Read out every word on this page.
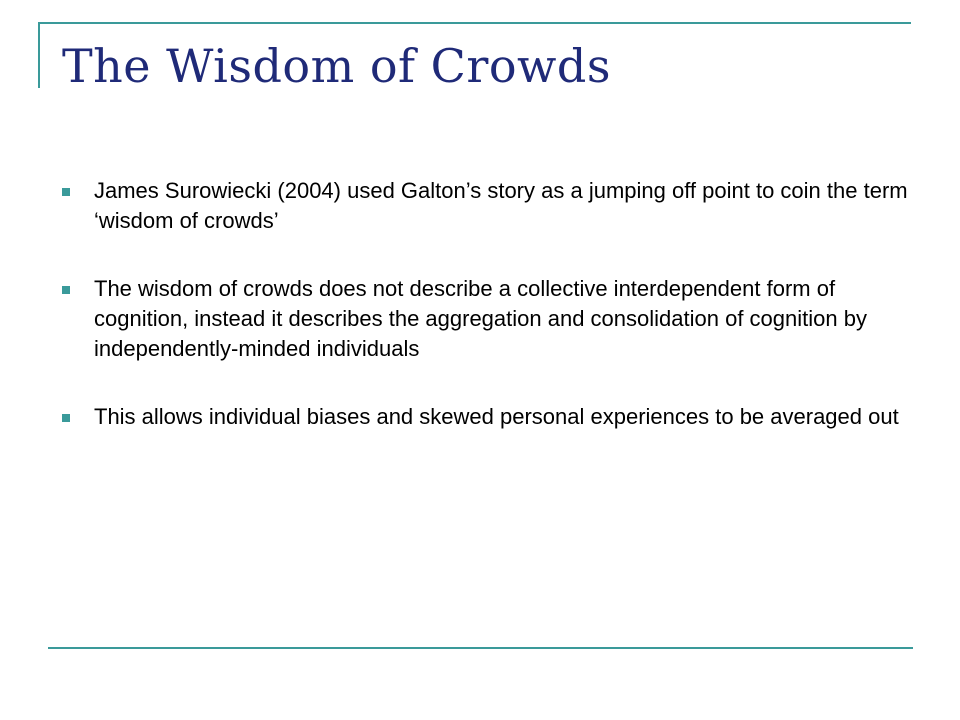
The Wisdom of Crowds
James Surowiecki (2004) used Galton’s story as a jumping off point to coin the term ‘wisdom of crowds’
The wisdom of crowds does not describe a collective interdependent form of cognition, instead it describes the aggregation and consolidation of cognition by independently-minded individuals
This allows individual biases and skewed personal experiences to be averaged out
